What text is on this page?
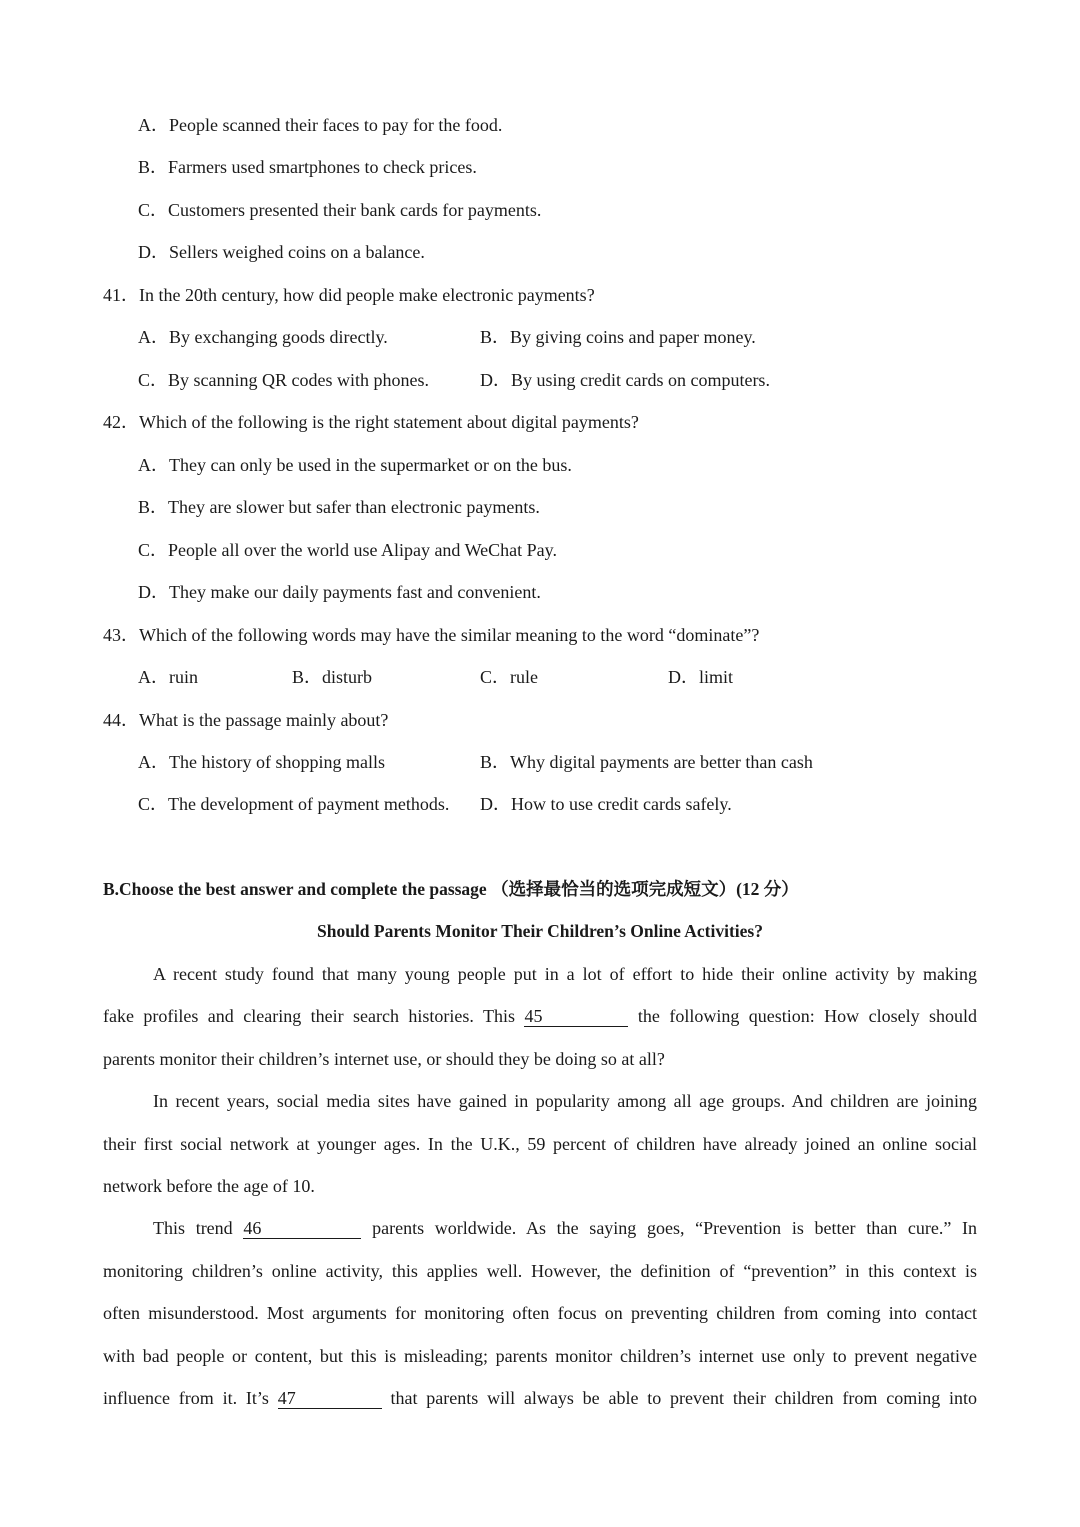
A．People scanned their faces to pay for the food.
B．Farmers used smartphones to check prices.
C．Customers presented their bank cards for payments.
D．Sellers weighed coins on a balance.
41．In the 20th century, how did people make electronic payments?
A．By exchanging goods directly.	B．By giving coins and paper money.
C．By scanning QR codes with phones.	D．By using credit cards on computers.
42．Which of the following is the right statement about digital payments?
A．They can only be used in the supermarket or on the bus.
B．They are slower but safer than electronic payments.
C．People all over the world use Alipay and WeChat Pay.
D．They make our daily payments fast and convenient.
43．Which of the following words may have the similar meaning to the word “dominate”?
A．ruin	B．disturb	C．rule	D．limit
44．What is the passage mainly about?
A．The history of shopping malls	B．Why digital payments are better than cash
C．The development of payment methods. D．How to use credit cards safely.
B.Choose the best answer and complete the passage （选择最恰当的选项完成短文）(12 分）
Should Parents Monitor Their Children’s Online Activities?
A recent study found that many young people put in a lot of effort to hide their online activity by making
fake profiles and clearing their search histories. This 45	the following question: How closely should
parents monitor their children’s internet use, or should they be doing so at all?
In recent years, social media sites have gained in popularity among all age groups. And children are joining
their first social network at younger ages. In the U.K., 59 percent of children have already joined an online social
network before the age of 10.
This trend 46	parents worldwide. As the saying goes, “Prevention is better than cure.” In
monitoring children’s online activity, this applies well. However, the definition of “prevention” in this context is
often misunderstood. Most arguments for monitoring often focus on preventing children from coming into contact
with bad people or content, but this is misleading; parents monitor children’s internet use only to prevent negative
influence from it. It’s 47	that parents will always be able to prevent their children from coming into
